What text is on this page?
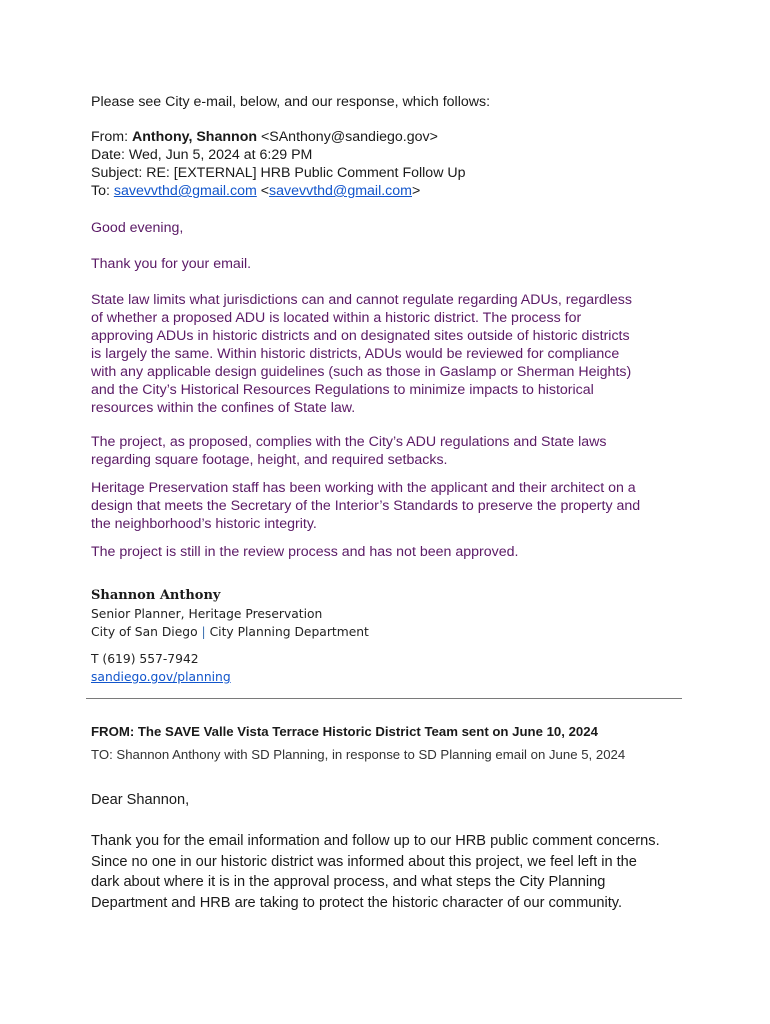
Please see City e-mail, below, and our response, which follows:

From: Anthony, Shannon <SAnthony@sandiego.gov>

Date: Wed, Jun 5, 2024 at 6:29 PM

Subject: RE: [EXTERNAL] HRB Public Comment Follow Up

To: savevvthd@gmail.com <savevvthd@gmail.com>

Good evening,

Thank you for your email.

State law limits what jurisdictions can and cannot regulate regarding ADUs, regardless

of whether a proposed ADU is located within a historic district. The process for

approving ADUs in historic districts and on designated sites outside of historic districts

is largely the same. Within historic districts, ADUs would be reviewed for compliance

with any applicable design guidelines (such as those in Gaslamp or Sherman Heights)

and the City’s Historical Resources Regulations to minimize impacts to historical

resources within the confines of State law.

The project, as proposed, complies with the City’s ADU regulations and State laws

regarding square footage, height, and required setbacks.

Heritage Preservation staff has been working with the applicant and their architect on a

design that meets the Secretary of the Interior’s Standards to preserve the property and

the neighborhood’s historic integrity.

The project is still in the review process and has not been approved.

Shannon Anthony
Senior Planner, Heritage Preservation
City of San Diego | City Planning Department
T (619) 557-7942
sandiego.gov/planning
FROM: The SAVE Valle Vista Terrace Historic District Team sent on June 10, 2024
TO: Shannon Anthony with SD Planning, in response to SD Planning email on June 5, 2024

Dear Shannon,

Thank you for the email information and follow up to our HRB public comment concerns.

Since no one in our historic district was informed about this project, we feel left in the

dark about where it is in the approval process, and what steps the City Planning

Department and HRB are taking to protect the historic character of our community.
